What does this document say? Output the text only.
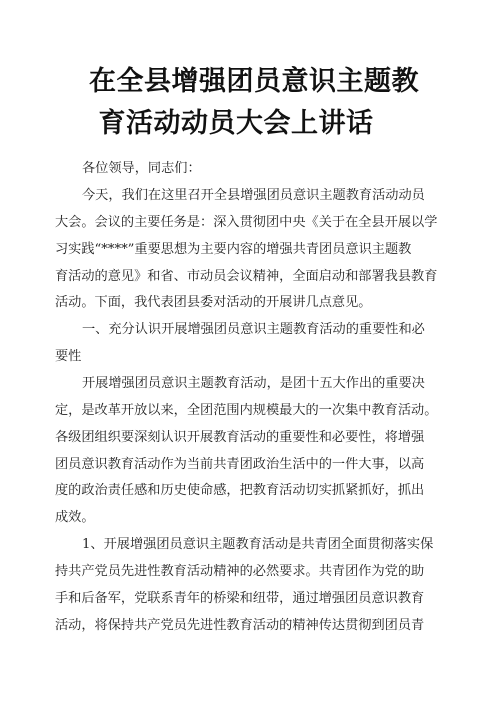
在全县增强团员意识主题教
育活动动员大会上讲话
各位领导，同志们：
今天，我们在这里召开全县增强团员意识主题教育活动动员
大会。会议的主要任务是：深入贯彻团中央《关于在全县开展以学
习实践“****”重要思想为主要内容的增强共青团员意识主题教
育活动的意见》和省、市动员会议精神，全面启动和部署我县教育
活动。下面，我代表团县委对活动的开展讲几点意见。
一、充分认识开展增强团员意识主题教育活动的重要性和必
要性
开展增强团员意识主题教育活动，是团十五大作出的重要决
定，是改革开放以来，全团范围内规模最大的一次集中教育活动。
各级团组织要深刻认识开展教育活动的重要性和必要性，将增强
团员意识教育活动作为当前共青团政治生活中的一件大事，以高
度的政治责任感和历史使命感，把教育活动切实抓紧抓好，抓出
成效。
1、开展增强团员意识主题教育活动是共青团全面贯彻落实保
持共产党员先进性教育活动精神的必然要求。共青团作为党的助
手和后备军，党联系青年的桥梁和纽带，通过增强团员意识教育
活动，将保持共产党员先进性教育活动的精神传达贯彻到团员青
